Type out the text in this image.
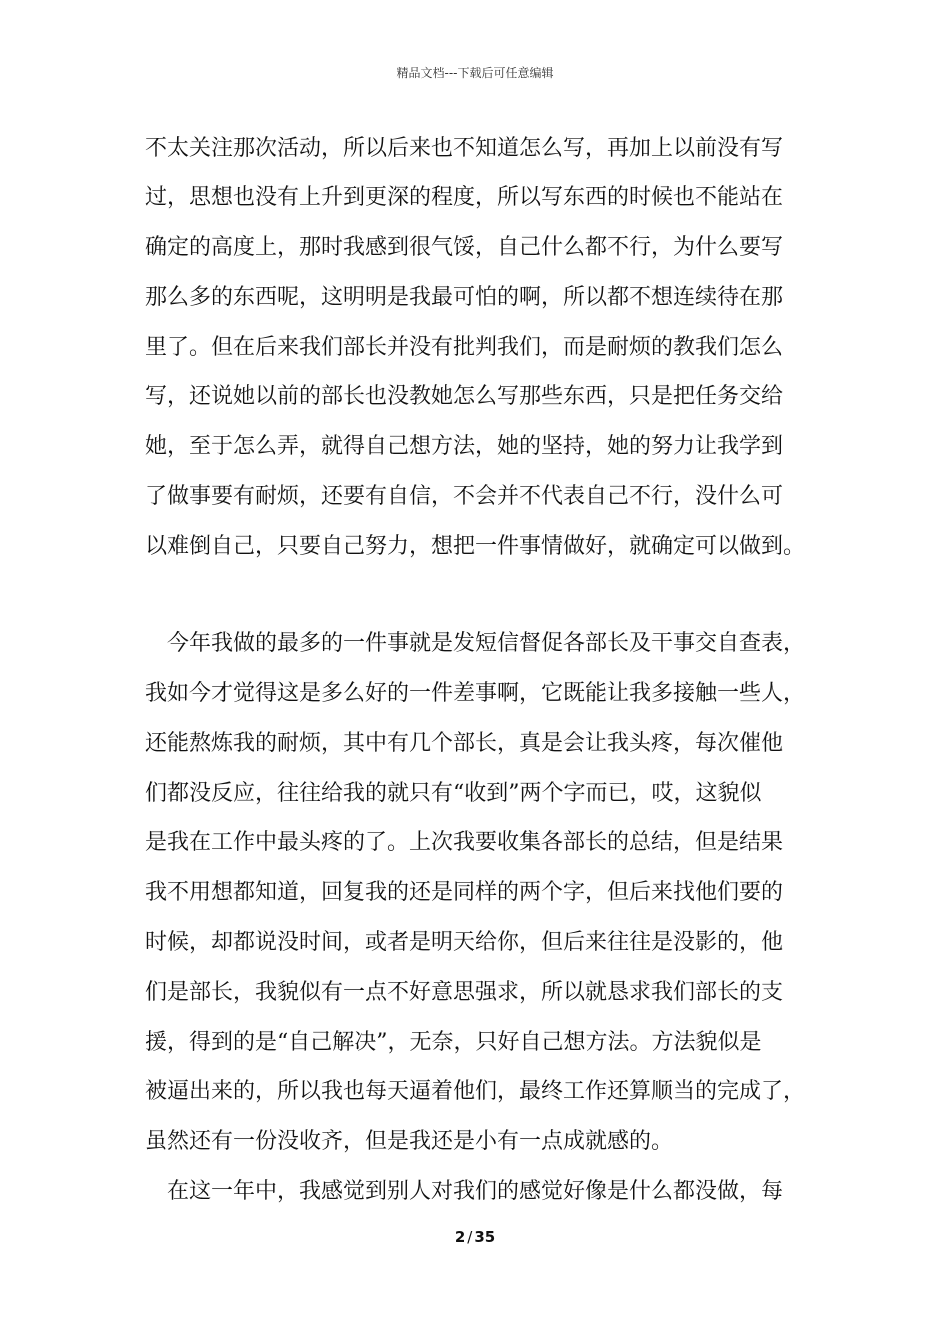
精品文档---下载后可任意编辑
不太关注那次活动，所以后来也不知道怎么写，再加上以前没有写
过，思想也没有上升到更深的程度，所以写东西的时候也不能站在
确定的高度上，那时我感到很气馁，自己什么都不行，为什么要写
那么多的东西呢，这明明是我最可怕的啊，所以都不想连续待在那
里了。但在后来我们部长并没有批判我们，而是耐烦的教我们怎么
写，还说她以前的部长也没教她怎么写那些东西，只是把任务交给
她，至于怎么弄，就得自己想方法，她的坚持，她的努力让我学到
了做事要有耐烦，还要有自信，不会并不代表自己不行，没什么可
以难倒自己，只要自己努力，想把一件事情做好，就确定可以做到。
今年我做的最多的一件事就是发短信督促各部长及干事交自查表，
我如今才觉得这是多么好的一件差事啊，它既能让我多接触一些人，
还能熬炼我的耐烦，其中有几个部长，真是会让我头疼，每次催他
们都没反应，往往给我的就只有“收到”两个字而已，哎，这貌似
是我在工作中最头疼的了。上次我要收集各部长的总结，但是结果
我不用想都知道，回复我的还是同样的两个字，但后来找他们要的
时候，却都说没时间，或者是明天给你，但后来往往是没影的，他
们是部长，我貌似有一点不好意思强求，所以就恳求我们部长的支
援，得到的是“自己解决”，无奈，只好自己想方法。方法貌似是
被逼出来的，所以我也每天逼着他们，最终工作还算顺当的完成了，
虽然还有一份没收齐，但是我还是小有一点成就感的。
在这一年中，我感觉到别人对我们的感觉好像是什么都没做，每
2 / 35
